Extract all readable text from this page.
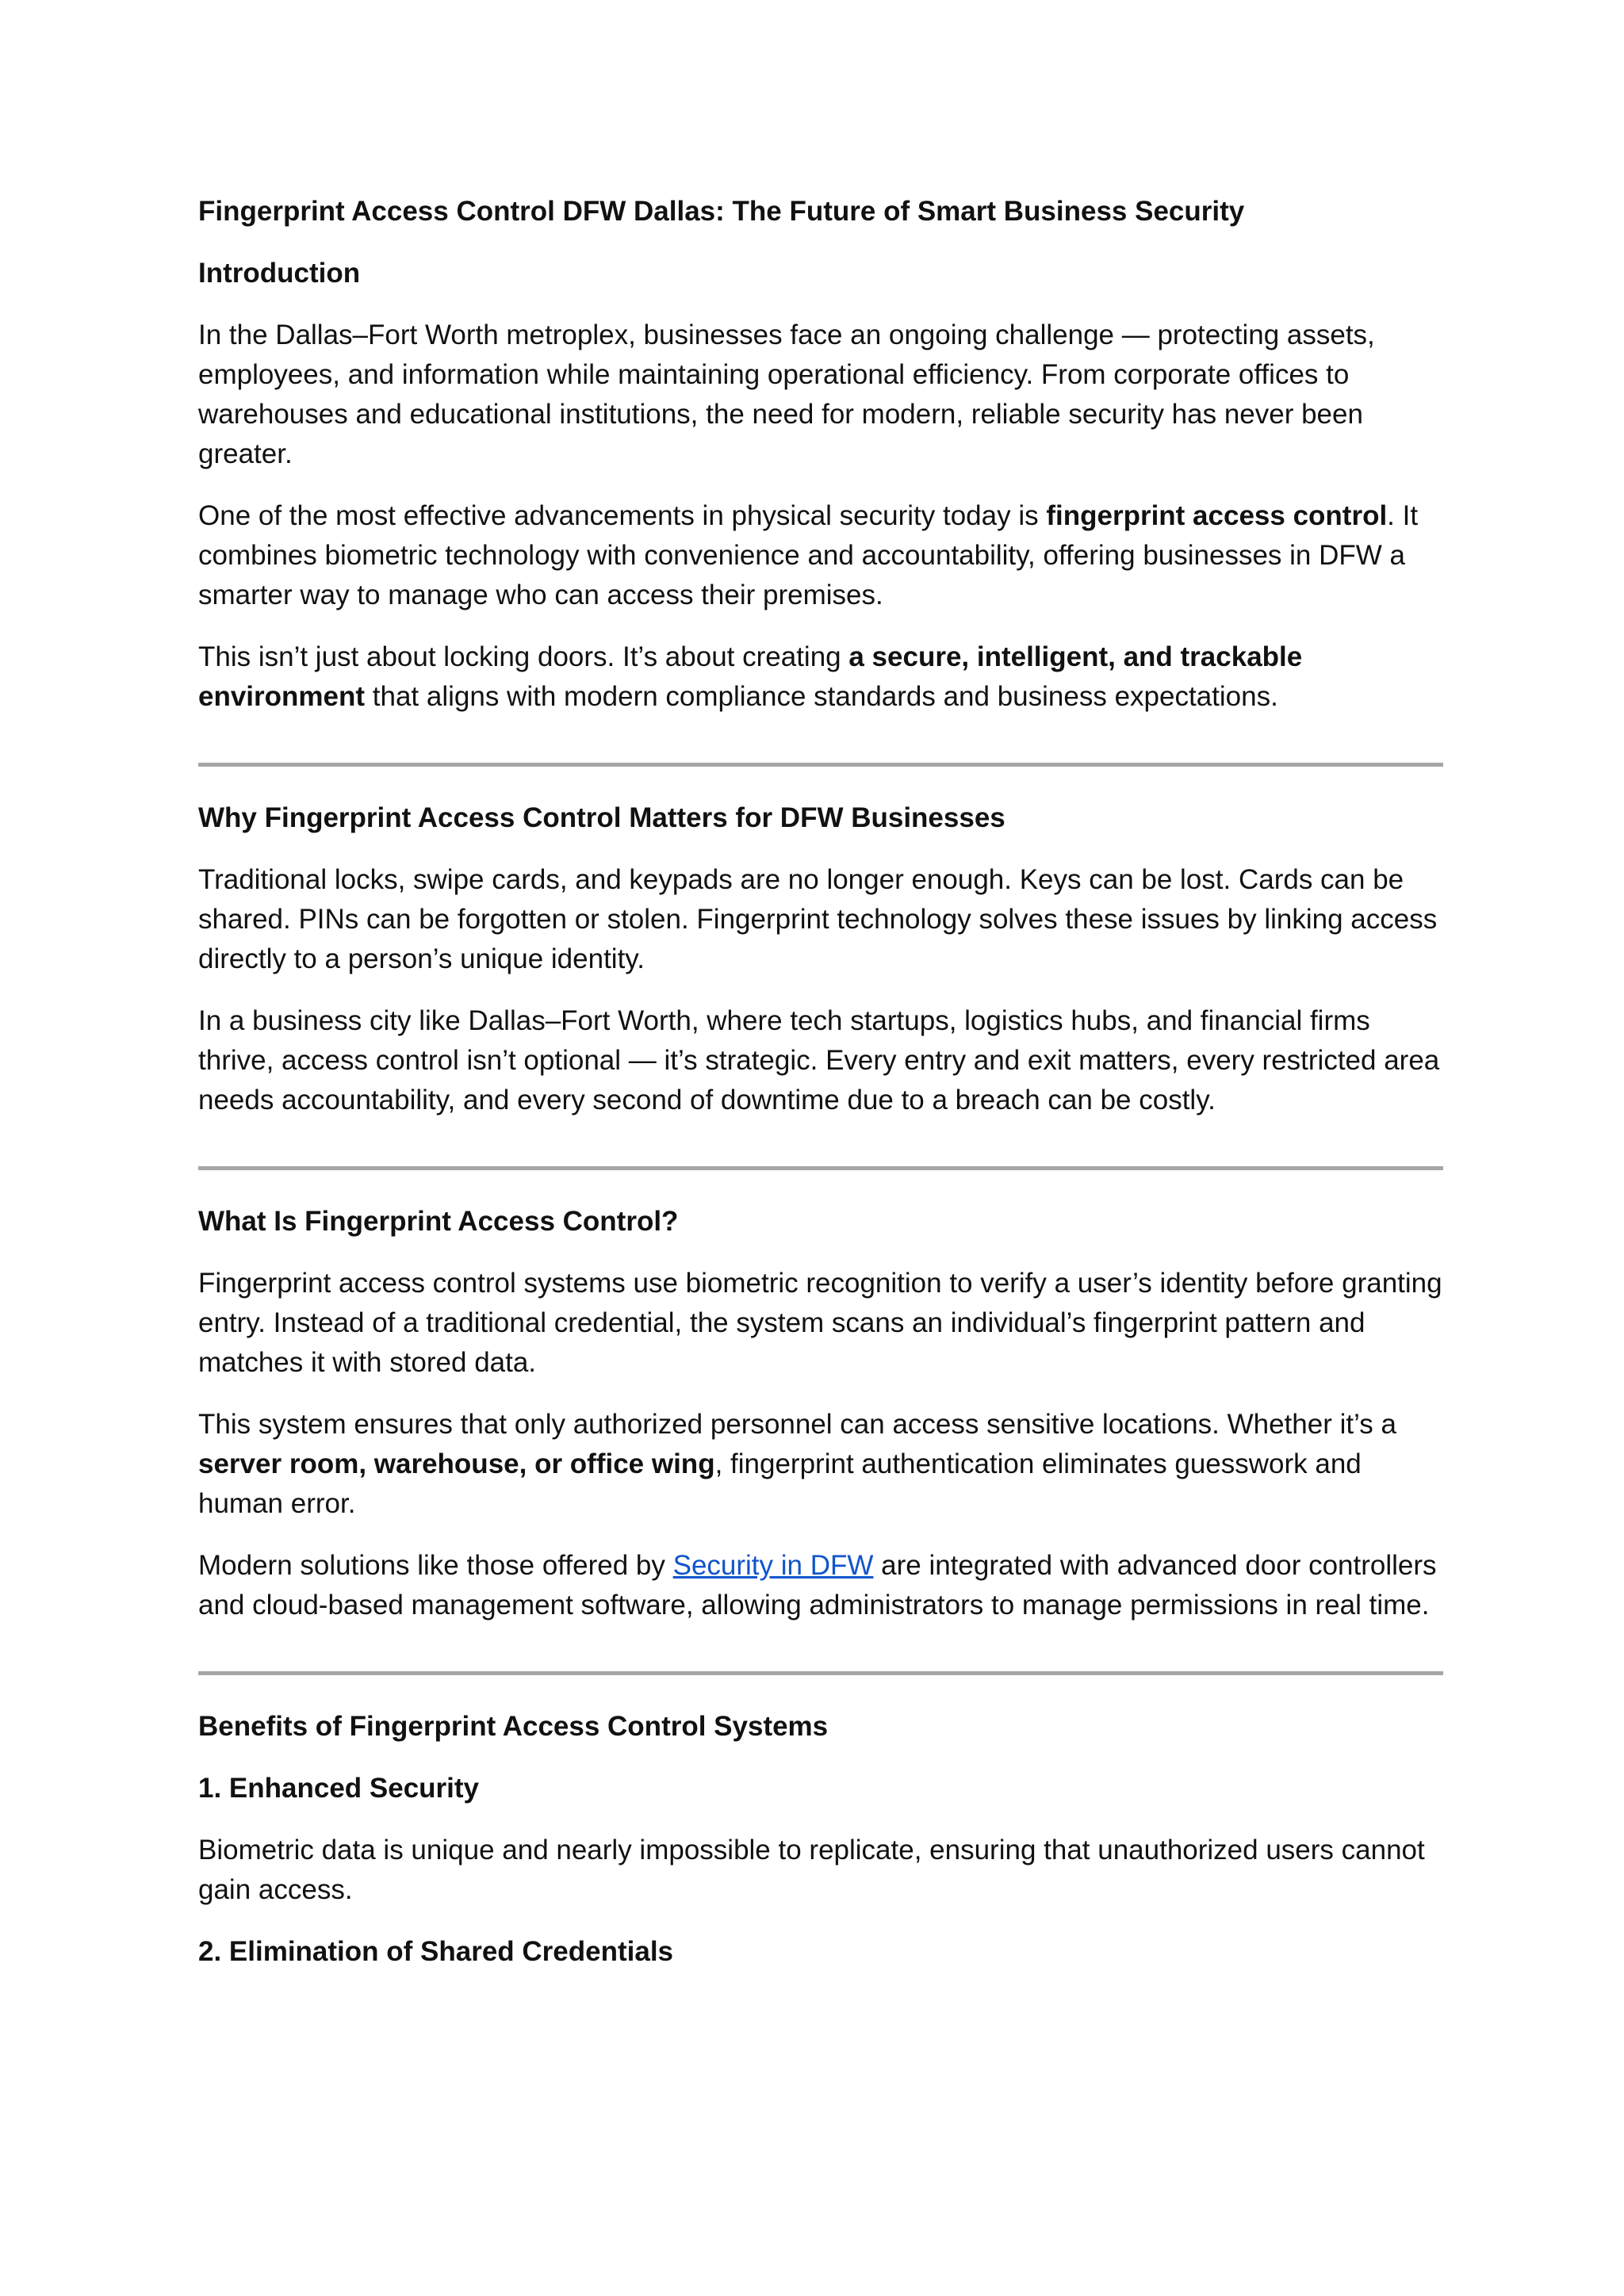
Fingerprint Access Control DFW Dallas: The Future of Smart Business Security

Introduction

In the Dallas–Fort Worth metroplex, businesses face an ongoing challenge — protecting assets, employees, and information while maintaining operational efficiency. From corporate offices to warehouses and educational institutions, the need for modern, reliable security has never been greater.

One of the most effective advancements in physical security today is fingerprint access control. It combines biometric technology with convenience and accountability, offering businesses in DFW a smarter way to manage who can access their premises.

This isn’t just about locking doors. It’s about creating a secure, intelligent, and trackable environment that aligns with modern compliance standards and business expectations.

Why Fingerprint Access Control Matters for DFW Businesses

Traditional locks, swipe cards, and keypads are no longer enough. Keys can be lost. Cards can be shared. PINs can be forgotten or stolen. Fingerprint technology solves these issues by linking access directly to a person’s unique identity.

In a business city like Dallas–Fort Worth, where tech startups, logistics hubs, and financial firms thrive, access control isn’t optional — it’s strategic. Every entry and exit matters, every restricted area needs accountability, and every second of downtime due to a breach can be costly.

What Is Fingerprint Access Control?

Fingerprint access control systems use biometric recognition to verify a user’s identity before granting entry. Instead of a traditional credential, the system scans an individual’s fingerprint pattern and matches it with stored data.

This system ensures that only authorized personnel can access sensitive locations. Whether it’s a server room, warehouse, or office wing, fingerprint authentication eliminates guesswork and human error.

Modern solutions like those offered by Security in DFW are integrated with advanced door controllers and cloud-based management software, allowing administrators to manage permissions in real time.

Benefits of Fingerprint Access Control Systems

1. Enhanced Security

Biometric data is unique and nearly impossible to replicate, ensuring that unauthorized users cannot gain access.

2. Elimination of Shared Credentials
